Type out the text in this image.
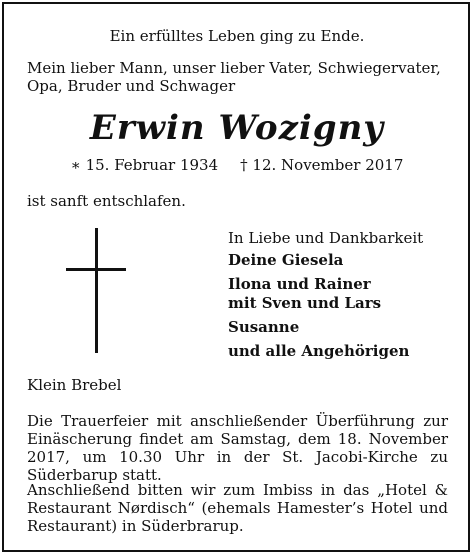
Ein erfülltes Leben ging zu Ende.
Mein lieber Mann, unser lieber Vater, Schwiegervater,
Opa, Bruder und Schwager
Erwin Wozigny
∗ 15. Februar 1934 † 12. November 2017
ist sanft entschlafen.
In Liebe und Dankbarkeit
Deine Giesela
Ilona und Rainer
mit Sven und Lars
Susanne
und alle Angehörigen
Klein Brebel
Die Trauerfeier mit anschließender Überführung zur Einäscherung findet am Samstag, dem 18. November 2017, um 10.30 Uhr in der St. Jacobi-Kirche zu Süderbarup statt.
Anschließend bitten wir zum Imbiss in das „Hotel & Restaurant Nørdisch“ (ehemals Hamester’s Hotel und Restaurant) in Süderbrarup.
